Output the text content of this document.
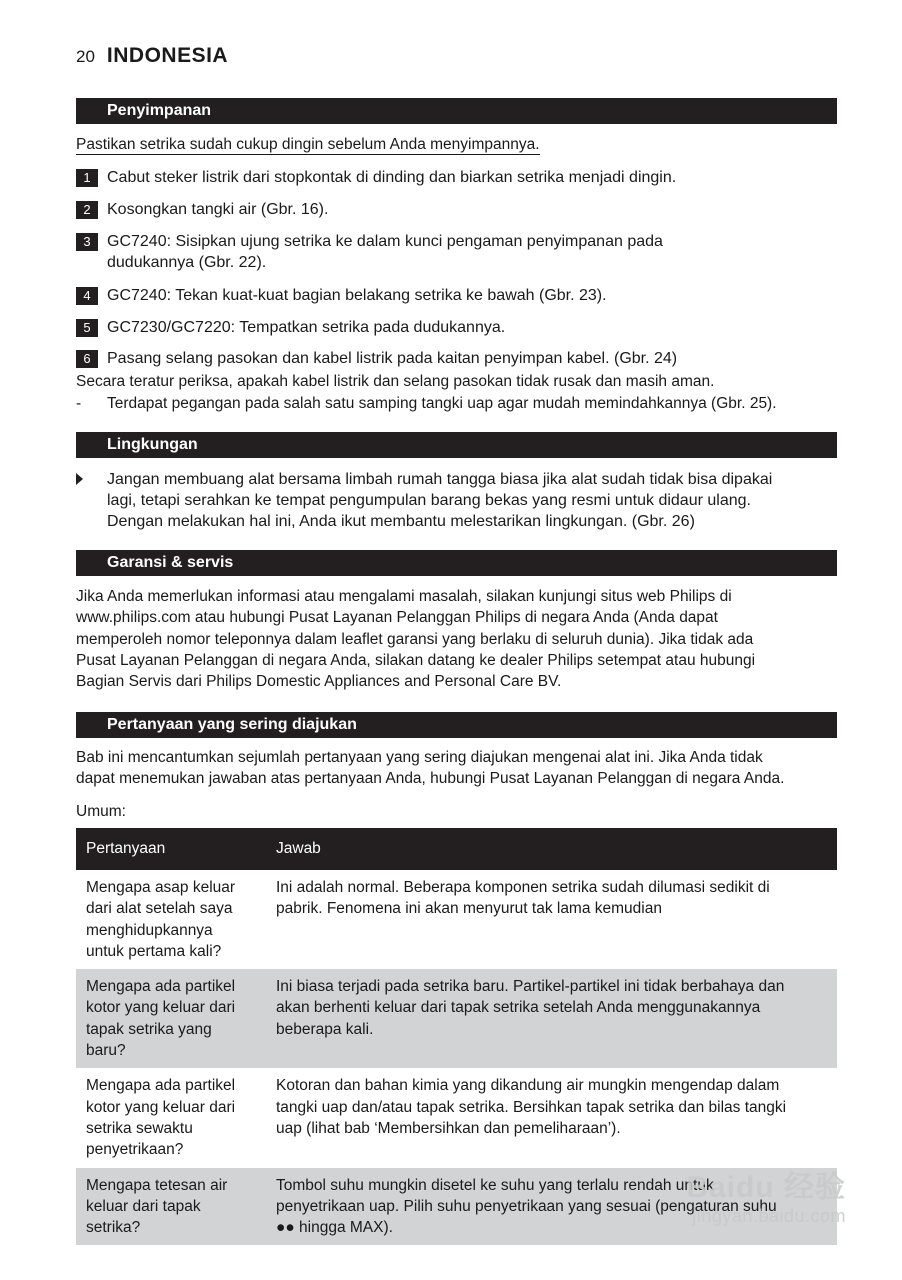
20 INDONESIA
Penyimpanan
Pastikan setrika sudah cukup dingin sebelum Anda menyimpannya.
1	Cabut steker listrik dari stopkontak di dinding dan biarkan setrika menjadi dingin.
2	Kosongkan tangki air (Gbr. 16).
3	GC7240: Sisipkan ujung setrika ke dalam kunci pengaman penyimpanan pada
dudukannya (Gbr. 22).
4	GC7240: Tekan kuat-kuat bagian belakang setrika ke bawah (Gbr. 23).
5	GC7230/GC7220: Tempatkan setrika pada dudukannya.
6	Pasang selang pasokan dan kabel listrik pada kaitan penyimpan kabel. (Gbr. 24)
Secara teratur periksa, apakah kabel listrik dan selang pasokan tidak rusak dan masih aman.
- Terdapat pegangan pada salah satu samping tangki uap agar mudah memindahkannya (Gbr. 25).
Lingkungan
Jangan membuang alat bersama limbah rumah tangga biasa jika alat sudah tidak bisa dipakai
lagi, tetapi serahkan ke tempat pengumpulan barang bekas yang resmi untuk didaur ulang.
Dengan melakukan hal ini, Anda ikut membantu melestarikan lingkungan. (Gbr. 26)
Garansi & servis
Jika Anda memerlukan informasi atau mengalami masalah, silakan kunjungi situs web Philips di
www.philips.com atau hubungi Pusat Layanan Pelanggan Philips di negara Anda (Anda dapat
memperoleh nomor teleponnya dalam leaflet garansi yang berlaku di seluruh dunia). Jika tidak ada
Pusat Layanan Pelanggan di negara Anda, silakan datang ke dealer Philips setempat atau hubungi
Bagian Servis dari Philips Domestic Appliances and Personal Care BV.
Pertanyaan yang sering diajukan
Bab ini mencantumkan sejumlah pertanyaan yang sering diajukan mengenai alat ini. Jika Anda tidak
dapat menemukan jawaban atas pertanyaan Anda, hubungi Pusat Layanan Pelanggan di negara Anda.
Umum:
Pertanyaan	Jawab

Mengapa asap keluar
dari alat setelah saya
menghidupkannya
untuk pertama kali?	Ini adalah normal. Beberapa komponen setrika sudah dilumasi sedikit di
pabrik. Fenomena ini akan menyurut tak lama kemudian

Mengapa ada partikel
kotor yang keluar dari
tapak setrika yang
baru?	Ini biasa terjadi pada setrika baru. Partikel-partikel ini tidak berbahaya dan
akan berhenti keluar dari tapak setrika setelah Anda menggunakannya
beberapa kali.

Mengapa ada partikel
kotor yang keluar dari
setrika sewaktu
penyetrikaan?	Kotoran dan bahan kimia yang dikandung air mungkin mengendap dalam
tangki uap dan/atau tapak setrika. Bersihkan tapak setrika dan bilas tangki
uap (lihat bab ‘Membersihkan dan pemeliharaan’).

Mengapa tetesan air
keluar dari tapak
setrika?	Tombol suhu mungkin disetel ke suhu yang terlalu rendah untuk
penyetrikaan uap. Pilih suhu penyetrikaan yang sesuai (pengaturan suhu
●● hingga MAX).
Baidu 经验
jingyan.baidu.com
